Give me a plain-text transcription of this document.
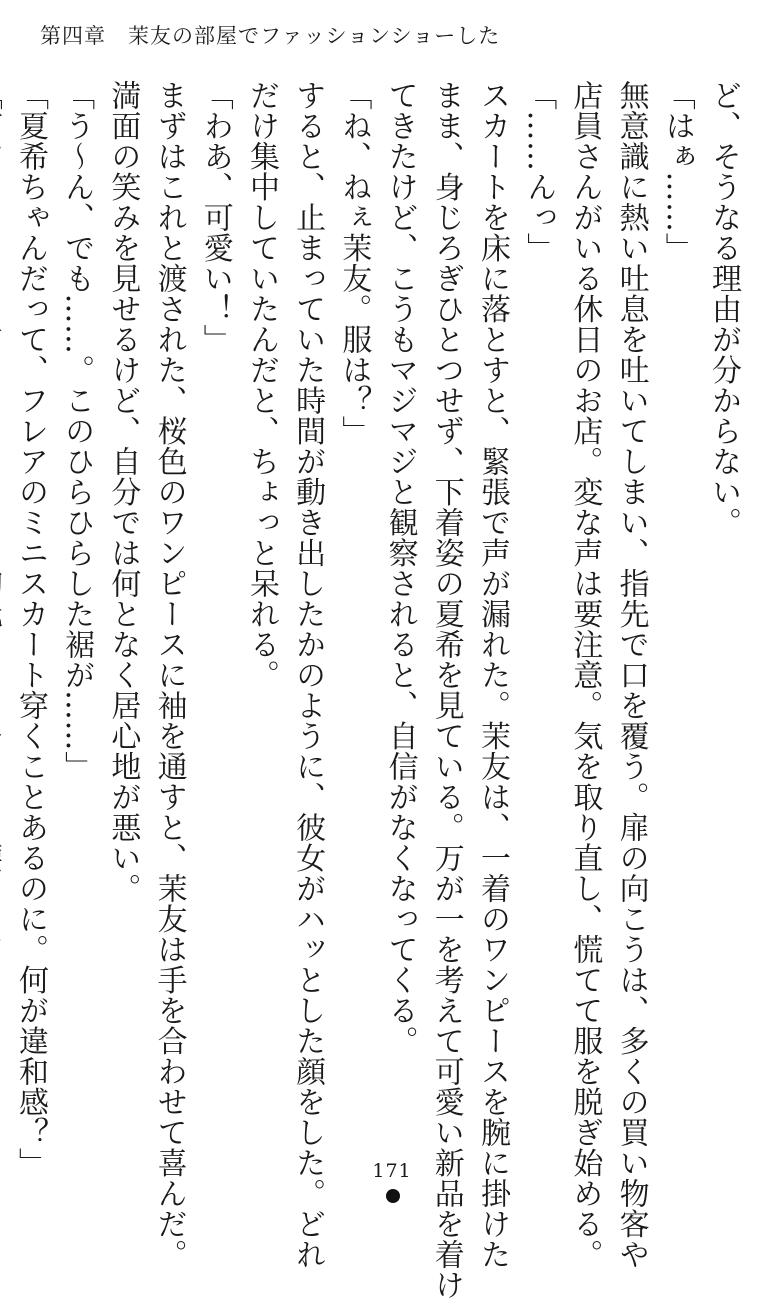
第四章 茉友の部屋でファッションショーした

ど、そうなる理由が分からない。

「はぁ……」

無意識に熱い吐息を吐いてしまい、指先で口を覆う。扉の向こうは、多くの買い物客や

店員さんがいる休日のお店。変な声は要注意。気を取り直し、慌てて服を脱ぎ始める。

「……んっ」

スカートを床に落とすと、緊張で声が漏れた。茉友は、一着のワンピースを腕に掛けた

まま、身じろぎひとつせず、下着姿の夏希を見ている。万が一を考えて可愛い新品を着け

てきたけど、こうもマジマジと観察されると、自信がなくなってくる。

「ね、ねぇ茉友。服は？」

すると、止まっていた時間が動き出したかのように、彼女がハッとした顔をした。どれ

だけ集中していたんだと、ちょっと呆れる。

「わあ、可愛い！」

まずはこれと渡された、桜色のワンピースに袖を通すと、茉友は手を合わせて喜んだ。

満面の笑みを見せるけど、自分では何となく居心地が悪い。

「う～ん、でも……。このひらひらした裾が……」

「夏希ちゃんだって、フレアのミニスカート穿くことあるのに。何が違和感？」	171
